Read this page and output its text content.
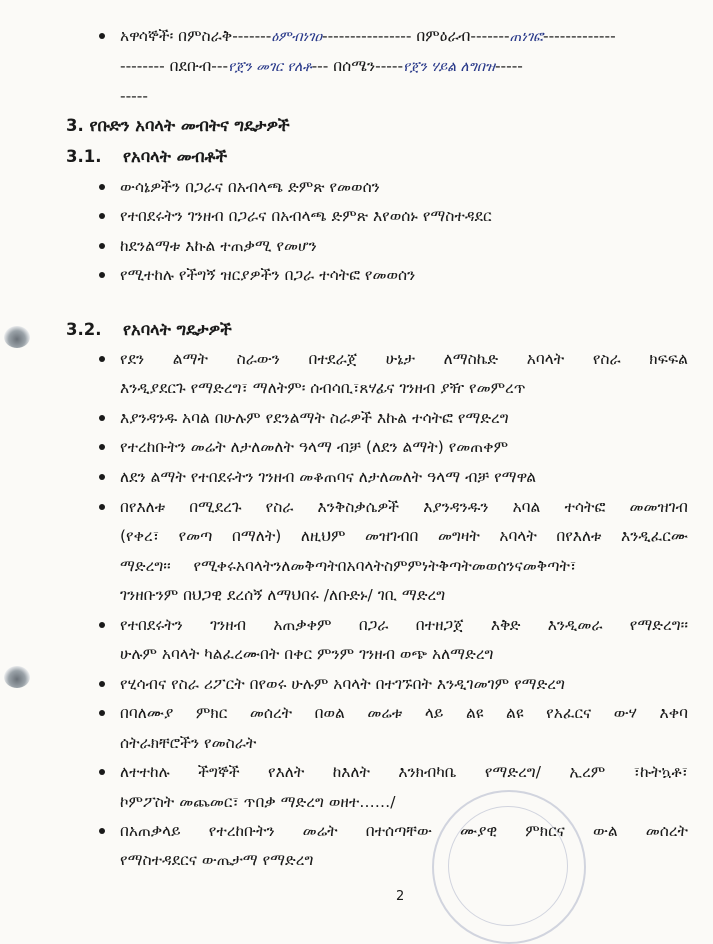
አዋሳኞች፡ በምስራቅ-------ዕምብነገዐ---------------- በምዕራብ-------ጠነገፎ-------------
-------- በደቡብ---የጀን መገር የለቶ--- በሰሜን-----የጀን ሃይል ለግበዝ-----
-----
3. የቡድን አባላት መብትና ግዴታዎች
3.1. የአባላት መብቶች
ውሳኔዎችን በጋራና በአብላጫ ድምጽ የመወሰን
የተበደሩትን ገንዘብ በጋራና በአብላጫ ድምጽ እየወሰኑ የማስተዳደር
ከደንልማቱ እኩል ተጠቃሚ የመሆን
የሚተከሉ የችግኝ ዝርያዎችን በጋራ ተሳትፎ የመወሰን
3.2. የአባላት ግዴታዎች
የደን ልማት ስራውን በተደራጀ ሁኔታ ለማስኬድ አባላት የስራ ክፍፍል
እንዲያደርጉ የማድረግ፣ ማለትም፡ ሰብሳቢ፣ጸሃፊና ገንዘብ ያዥ የመምረጥ
እያንዳንዱ አባል በሁሉም የደንልማት ስራዎች እኩል ተሳትፎ የማድረግ
የተረከቡትን መሬት ለታለመለት ዓላማ ብቻ (ለደን ልማት) የመጠቀም
ለደን ልማት የተበደሩትን ገንዘብ መቆጠባና ለታለመለት ዓላማ ብቻ የማዋል
በየእለቱ በሚደረጉ የስራ እንቅስቃሴዎች እያንዳንዱን አባል ተሳትፎ መመዝገብ
(የቀረ፣ የመጣ በማለት) ለዚህም መዝገብበ መግዛት አባላት በየእለቱ እንዲፈርሙ
ማድረግ፡፡ የሚቀሩአባላትንለመቅጣትበአባላትስምምነትቅጣትመወሰንናመቅጣት፣
ገንዘቡንም በህጋዊ ደረሰኝ ለማህበሩ /ለቡድኑ/ ገቢ ማድረግ
የተበደሩትን ገንዘብ አጠቃቀም በጋራ በተዘጋጀ እቅድ እንዲመራ የማድረግ፡፡
ሁሉም አባላት ካልፈረሙበት በቀር ምንም ገንዘብ ወጭ አለማድረግ
የሂሳብና የስራ ሪፖርት በየወሩ ሁሉም አባላት በተገኙበት እንዲገመገም የማድረግ
በባለሙያ ምክር መሰረት በወል መሬቱ ላይ ልዩ ልዩ የአፈርና ውሃ እቀባ
ሰትራክቸሮችን የመስራት
ለተተከሉ ችግኞች የእለት ከእለት እንክብካቤ የማድረግ/ ኢረም ፣ኩትኳቶ፣
ኮምፖስት መጨመር፣ ጥበቃ ማድረግ ወዘተ……/
በአጠቃላይ የተረከቡትን መሬት በተሰጣቸው ሙያዊ ምክርና ውል መሰረት
የማስተዳደርና ውጤታማ የማድረግ
2
